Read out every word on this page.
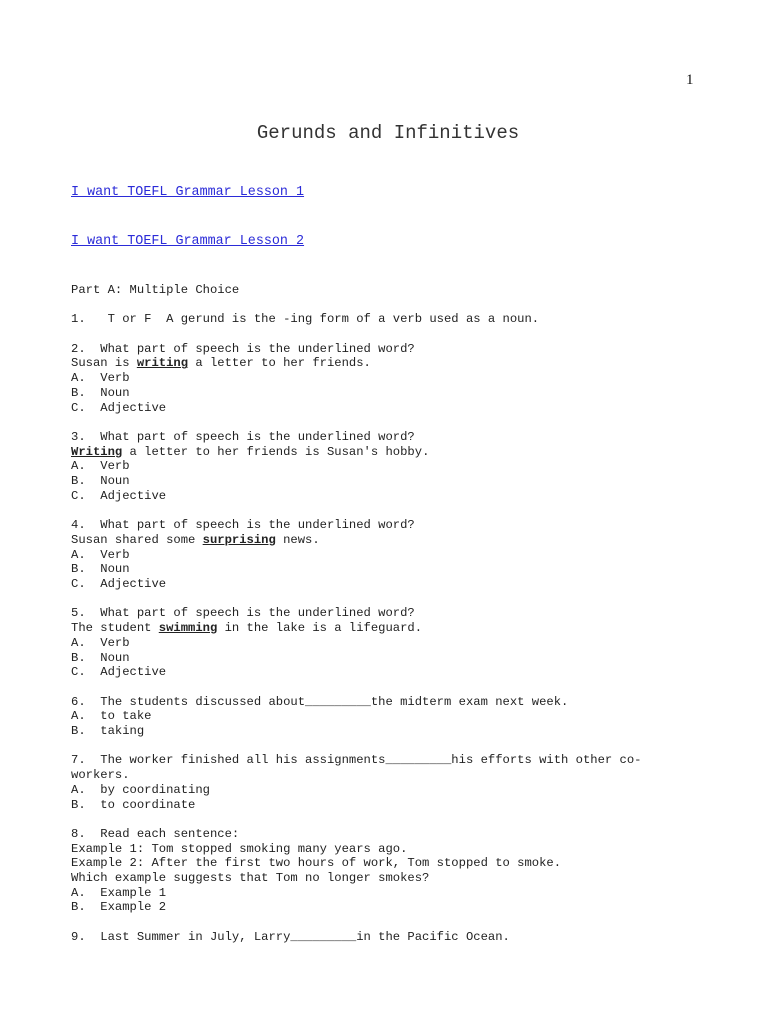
1
Gerunds and Infinitives
I want TOEFL Grammar Lesson 1
I want TOEFL Grammar Lesson 2
Part A: Multiple Choice
1.   T or F  A gerund is the -ing form of a verb used as a noun.
2.  What part of speech is the underlined word?
Susan is writing a letter to her friends.
A.  Verb
B.  Noun
C.  Adjective
3.  What part of speech is the underlined word?
Writing a letter to her friends is Susan's hobby.
A.  Verb
B.  Noun
C.  Adjective
4.  What part of speech is the underlined word?
Susan shared some surprising news.
A.  Verb
B.  Noun
C.  Adjective
5.  What part of speech is the underlined word?
The student swimming in the lake is a lifeguard.
A.  Verb
B.  Noun
C.  Adjective
6.  The students discussed about_________the midterm exam next week.
A.  to take
B.  taking
7.  The worker finished all his assignments_________his efforts with other co-
workers.
A.  by coordinating
B.  to coordinate
8.  Read each sentence:
Example 1: Tom stopped smoking many years ago.
Example 2: After the first two hours of work, Tom stopped to smoke.
Which example suggests that Tom no longer smokes?
A.  Example 1
B.  Example 2
9.  Last Summer in July, Larry_________in the Pacific Ocean.
